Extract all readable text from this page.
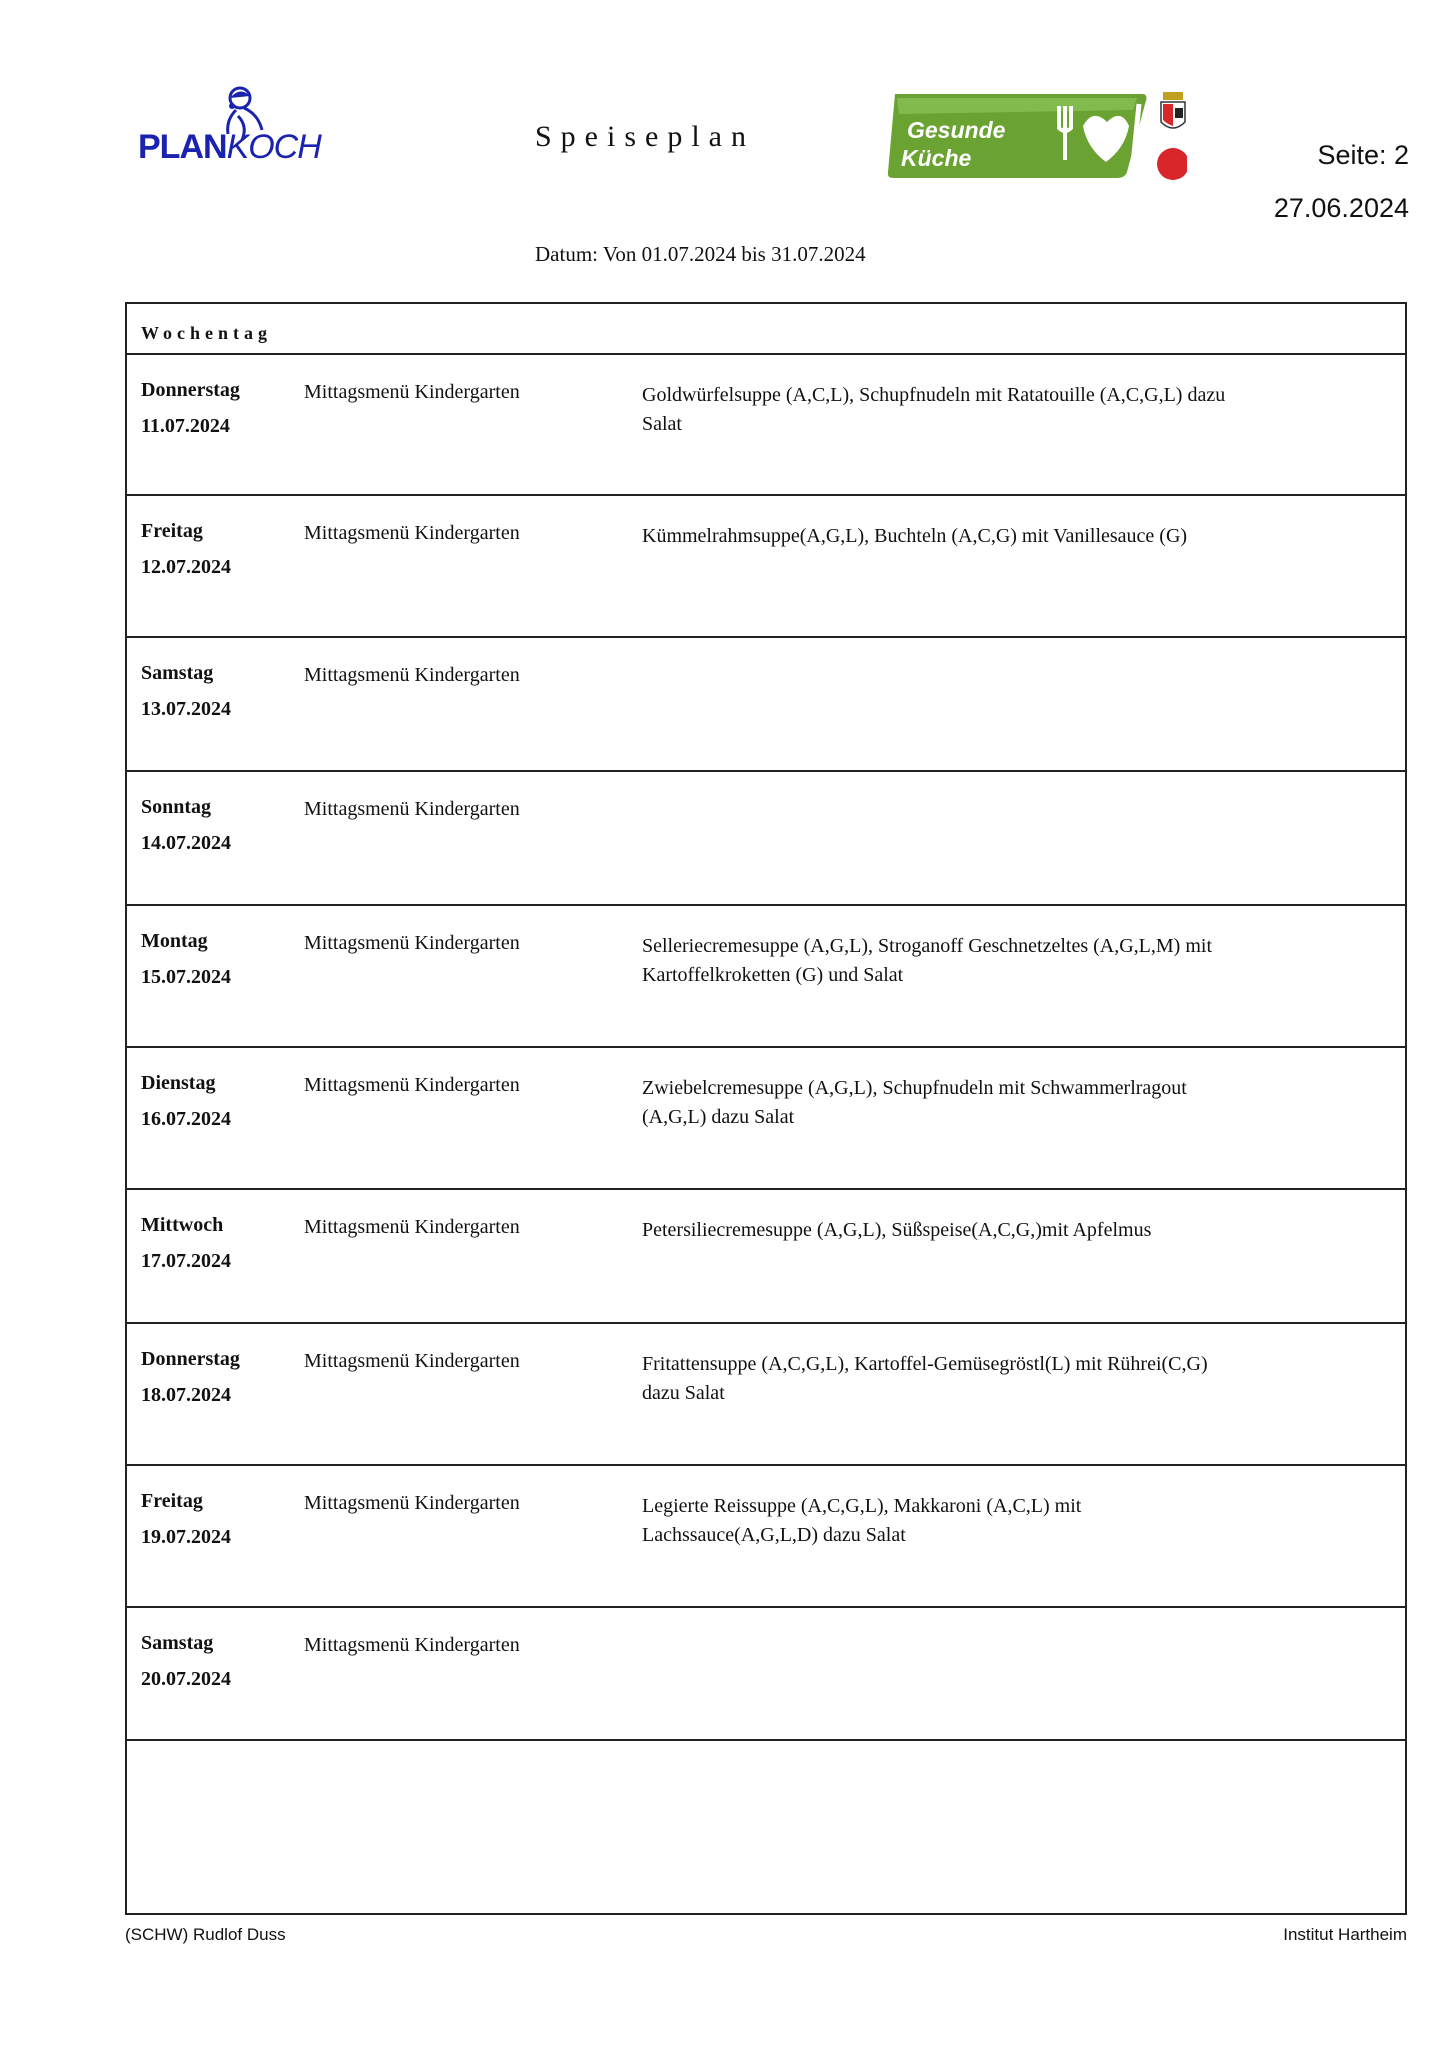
PLANKOCH	Speiseplan	Gesunde
Küche	Seite: 2
27.06.2024
Datum: Von 01.07.2024 bis 31.07.2024
Wochentag
Donnerstag
11.07.2024
Mittagsmenü Kindergarten	Goldwürfelsuppe (A,C,L), Schupfnudeln mit Ratatouille (A,C,G,L) dazu Salat
Freitag
12.07.2024
Mittagsmenü Kindergarten	Kümmelrahmsuppe(A,G,L), Buchteln (A,C,G) mit Vanillesauce (G)
Samstag
13.07.2024
Mittagsmenü Kindergarten
Sonntag
14.07.2024
Mittagsmenü Kindergarten
Montag
15.07.2024
Mittagsmenü Kindergarten	Selleriecremesuppe (A,G,L), Stroganoff Geschnetzeltes (A,G,L,M) mit Kartoffelkroketten (G) und Salat
Dienstag
16.07.2024
Mittagsmenü Kindergarten	Zwiebelcremesuppe (A,G,L), Schupfnudeln mit Schwammerlragout (A,G,L) dazu Salat
Mittwoch
17.07.2024
Mittagsmenü Kindergarten	Petersiliecremesuppe (A,G,L), Süßspeise(A,C,G,)mit Apfelmus
Donnerstag
18.07.2024
Mittagsmenü Kindergarten	Fritattensuppe (A,C,G,L), Kartoffel-Gemüsegröstl(L) mit Rührei(C,G) dazu Salat
Freitag
19.07.2024
Mittagsmenü Kindergarten	Legierte Reissuppe (A,C,G,L), Makkaroni (A,C,L) mit Lachssauce(A,G,L,D) dazu Salat
Samstag
20.07.2024
Mittagsmenü Kindergarten
(SCHW) Rudlof Duss	Institut Hartheim
